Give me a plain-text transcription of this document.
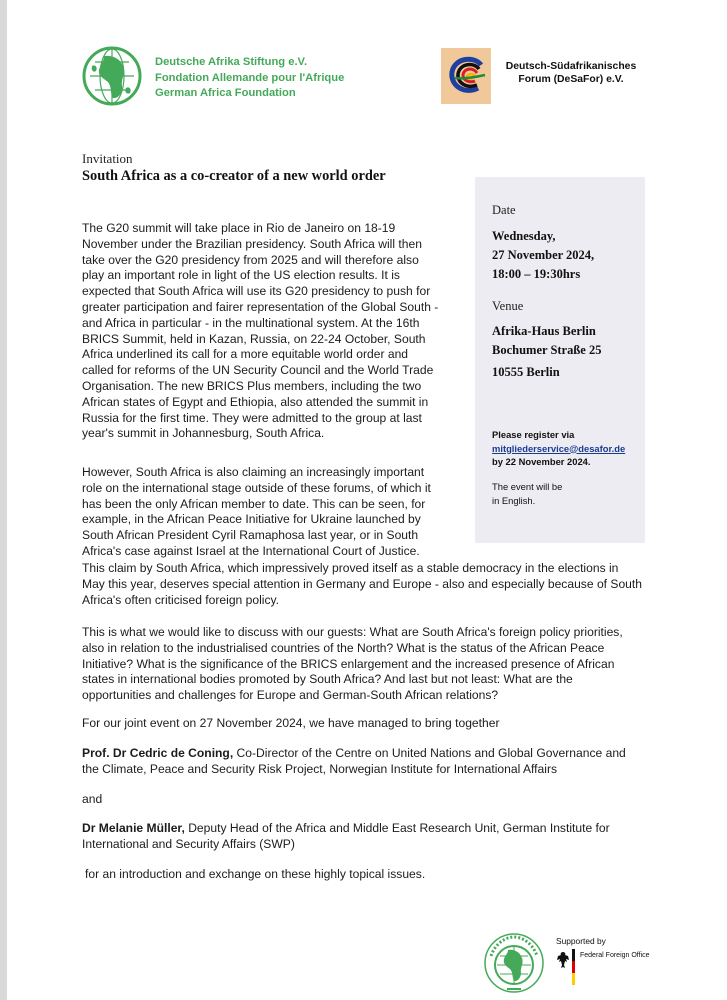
Deutsche Afrika Stiftung e.V.
Fondation Allemande pour l'Afrique
German Africa Foundation
Deutsch-Südafrikanisches
Forum (DeSaFor) e.V.
Invitation
South Africa as a co-creator of a new world order
Date
Wednesday,
27 November 2024,
18:00 – 19:30hrs
Venue
Afrika-Haus Berlin
Bochumer Straße 25
10555 Berlin
Please register via
mitgliederservice@desafor.de
by 22 November 2024.
The event will be
in English.
The G20 summit will take place in Rio de Janeiro on 18-19 November under the Brazilian presidency. South Africa will then take over the G20 presidency from 2025 and will therefore also play an important role in light of the US election results. It is expected that South Africa will use its G20 presidency to push for greater participation and fairer representation of the Global South - and Africa in particular - in the multinational system. At the 16th BRICS Summit, held in Kazan, Russia, on 22-24 October, South Africa underlined its call for a more equitable world order and called for reforms of the UN Security Council and the World Trade Organisation. The new BRICS Plus members, including the two African states of Egypt and Ethiopia, also attended the summit in Russia for the first time. They were admitted to the group at last year's summit in Johannesburg, South Africa.
However, South Africa is also claiming an increasingly important role on the international stage outside of these forums, of which it has been the only African member to date. This can be seen, for example, in the African Peace Initiative for Ukraine launched by South African President Cyril Ramaphosa last year, or in South Africa's case against Israel at the International Court of Justice.
This claim by South Africa, which impressively proved itself as a stable democracy in the elections in May this year, deserves special attention in Germany and Europe - also and especially because of South Africa's often criticised foreign policy.
This is what we would like to discuss with our guests: What are South Africa's foreign policy priorities, also in relation to the industrialised countries of the North? What is the status of the African Peace Initiative? What is the significance of the BRICS enlargement and the increased presence of African states in international bodies promoted by South Africa? And last but not least: What are the opportunities and challenges for Europe and German-South African relations?
For our joint event on 27 November 2024, we have managed to bring together
Prof. Dr Cedric de Coning, Co-Director of the Centre on United Nations and Global Governance and the Climate, Peace and Security Risk Project, Norwegian Institute for International Affairs
and
Dr Melanie Müller, Deputy Head of the Africa and Middle East Research Unit, German Institute for International and Security Affairs (SWP)
for an introduction and exchange on these highly topical issues.
Supported by
Federal Foreign Office
